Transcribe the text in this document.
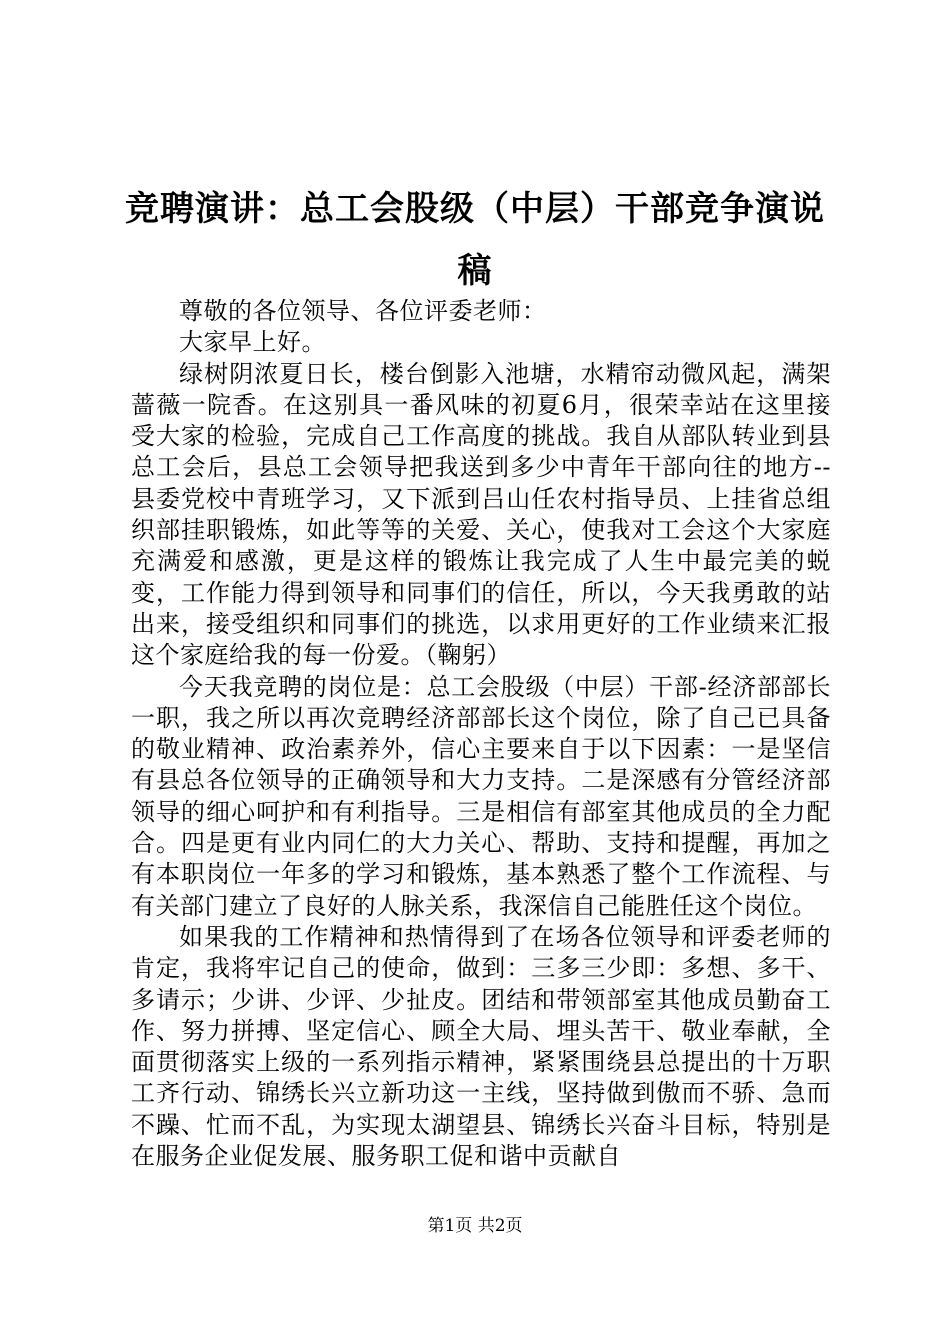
竞聘演讲：总工会股级（中层）干部竞争演说稿

尊敬的各位领导、各位评委老师：

大家早上好。

绿树阴浓夏日长，楼台倒影入池塘，水精帘动微风起，满架蔷薇一院香。在这别具一番风味的初夏6月，很荣幸站在这里接受大家的检验，完成自己工作高度的挑战。我自从部队转业到县总工会后，县总工会领导把我送到多少中青年干部向往的地方--县委党校中青班学习，又下派到吕山任农村指导员、上挂省总组织部挂职锻炼，如此等等的关爱、关心，使我对工会这个大家庭充满爱和感激，更是这样的锻炼让我完成了人生中最完美的蜕变，工作能力得到领导和同事们的信任，所以，今天我勇敢的站出来，接受组织和同事们的挑选，以求用更好的工作业绩来汇报这个家庭给我的每一份爱。（鞠躬）

今天我竞聘的岗位是：总工会股级（中层）干部-经济部部长一职，我之所以再次竞聘经济部部长这个岗位，除了自己已具备的敬业精神、政治素养外，信心主要来自于以下因素：一是坚信有县总各位领导的正确领导和大力支持。二是深感有分管经济部领导的细心呵护和有利指导。三是相信有部室其他成员的全力配合。四是更有业内同仁的大力关心、帮助、支持和提醒，再加之有本职岗位一年多的学习和锻炼，基本熟悉了整个工作流程、与有关部门建立了良好的人脉关系，我深信自己能胜任这个岗位。

如果我的工作精神和热情得到了在场各位领导和评委老师的肯定，我将牢记自己的使命，做到：三多三少即：多想、多干、多请示；少讲、少评、少扯皮。团结和带领部室其他成员勤奋工作、努力拼搏、坚定信心、顾全大局、埋头苦干、敬业奉献，全面贯彻落实上级的一系列指示精神，紧紧围绕县总提出的十万职工齐行动、锦绣长兴立新功这一主线，坚持做到傲而不骄、急而不躁、忙而不乱，为实现太湖望县、锦绣长兴奋斗目标，特别是在服务企业促发展、服务职工促和谐中贡献自

第1页 共2页
